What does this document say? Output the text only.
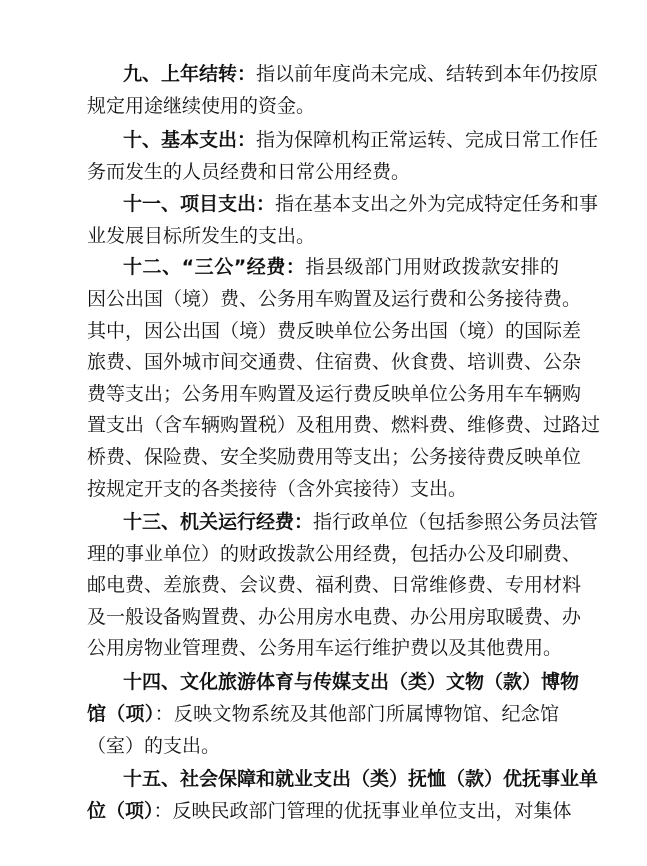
九、上年结转：指以前年度尚未完成、结转到本年仍按原
规定用途继续使用的资金。
十、基本支出：指为保障机构正常运转、完成日常工作任
务而发生的人员经费和日常公用经费。
十一、项目支出：指在基本支出之外为完成特定任务和事
业发展目标所发生的支出。
十二、“三公”经费：指县级部门用财政拨款安排的
因公出国（境）费、公务用车购置及运行费和公务接待费。
其中，因公出国（境）费反映单位公务出国（境）的国际差
旅费、国外城市间交通费、住宿费、伙食费、培训费、公杂
费等支出；公务用车购置及运行费反映单位公务用车车辆购
置支出（含车辆购置税）及租用费、燃料费、维修费、过路过
桥费、保险费、安全奖励费用等支出；公务接待费反映单位
按规定开支的各类接待（含外宾接待）支出。
十三、机关运行经费：指行政单位（包括参照公务员法管
理的事业单位）的财政拨款公用经费，包括办公及印刷费、
邮电费、差旅费、会议费、福利费、日常维修费、专用材料
及一般设备购置费、办公用房水电费、办公用房取暖费、办
公用房物业管理费、公务用车运行维护费以及其他费用。
十四、文化旅游体育与传媒支出（类）文物（款）博物
馆（项）：反映文物系统及其他部门所属博物馆、纪念馆
（室）的支出。
十五、社会保障和就业支出（类）抚恤（款）优抚事业单
位（项）：反映民政部门管理的优抚事业单位支出，对集体
